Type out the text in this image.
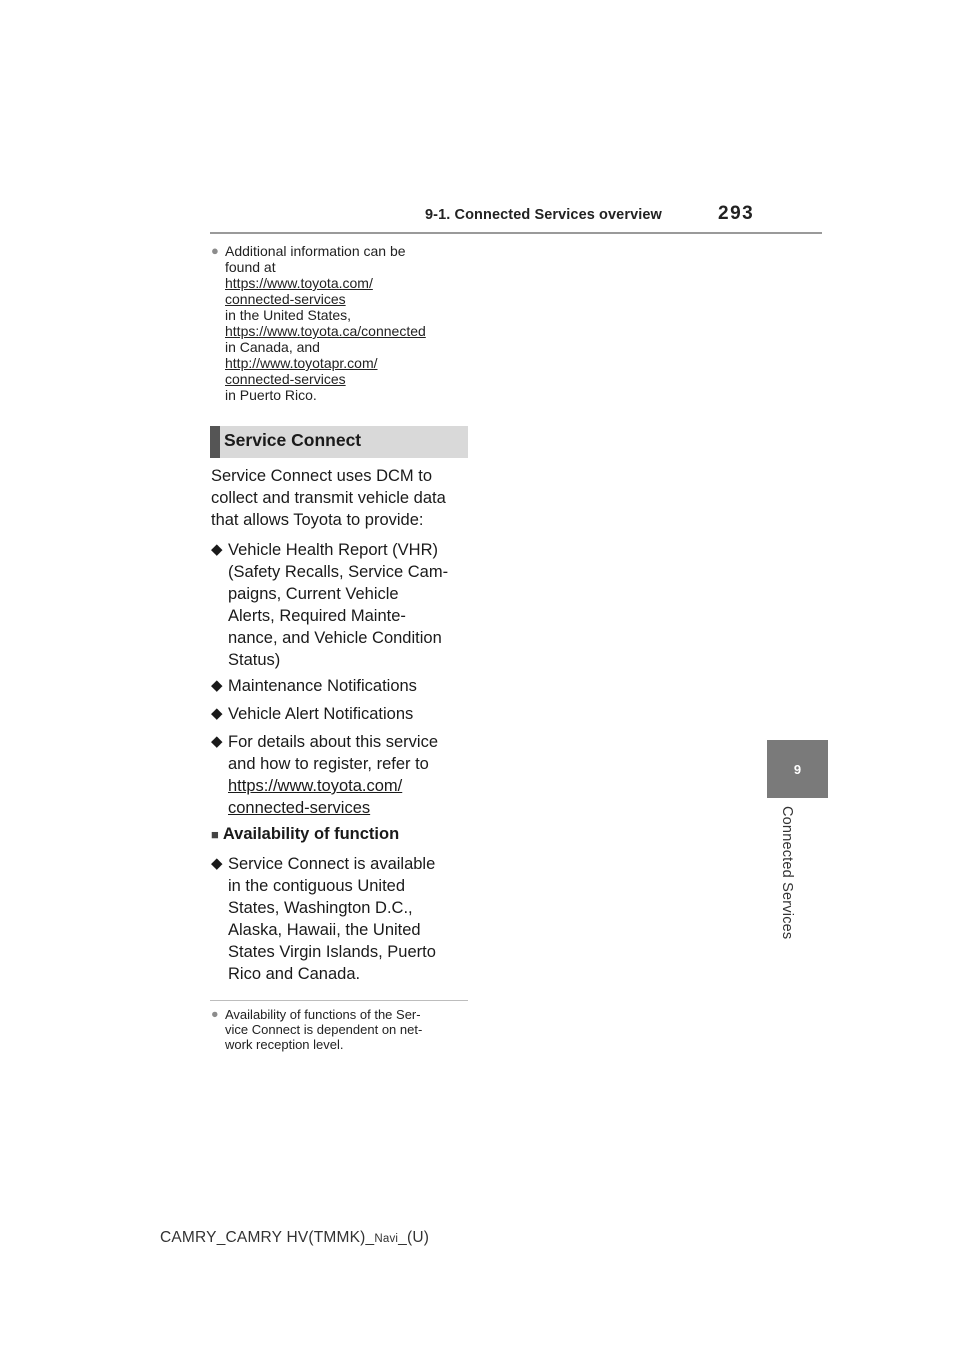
9-1. Connected Services overview	293
9
Connected Services
● Additional information can be
found at
https://www.toyota.com/
connected-services
in the United States,
https://www.toyota.ca/connected
in Canada, and
http://www.toyotapr.com/
connected-services
in Puerto Rico.
Service Connect
Service Connect uses DCM to
collect and transmit vehicle data
that allows Toyota to provide:
◆ Vehicle Health Report (VHR)
(Safety Recalls, Service Cam-
paigns, Current Vehicle
Alerts, Required Mainte-
nance, and Vehicle Condition
Status)
◆ Maintenance Notifications
◆ Vehicle Alert Notifications
◆ For details about this service
and how to register, refer to
https://www.toyota.com/
connected-services
■ Availability of function
◆ Service Connect is available
in the contiguous United
States, Washington D.C.,
Alaska, Hawaii, the United
States Virgin Islands, Puerto
Rico and Canada.
● Availability of functions of the Ser-
vice Connect is dependent on net-
work reception level.
CAMRY_CAMRY HV(TMMK)_Navi_(U)
